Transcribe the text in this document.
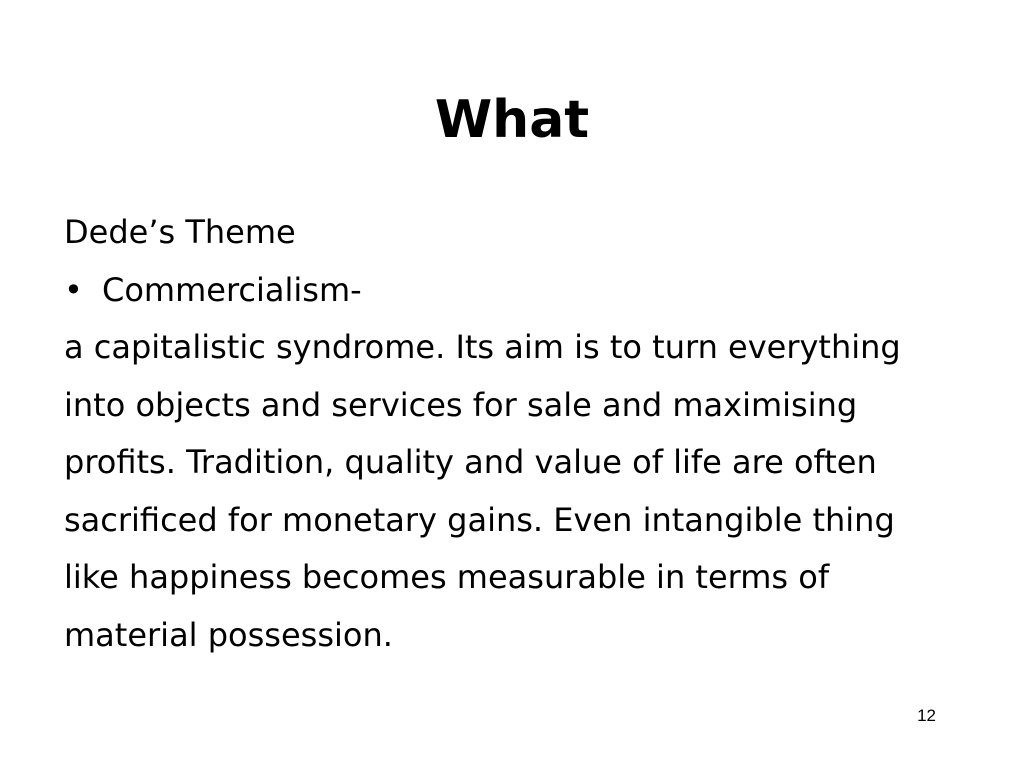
What
Dede’s Theme
• Commercialism-
a capitalistic syndrome. Its aim is to turn everything
into objects and services for sale and maximising
profits. Tradition, quality and value of life are often
sacrificed for monetary gains. Even intangible thing
like happiness becomes measurable in terms of
material possession.
12
